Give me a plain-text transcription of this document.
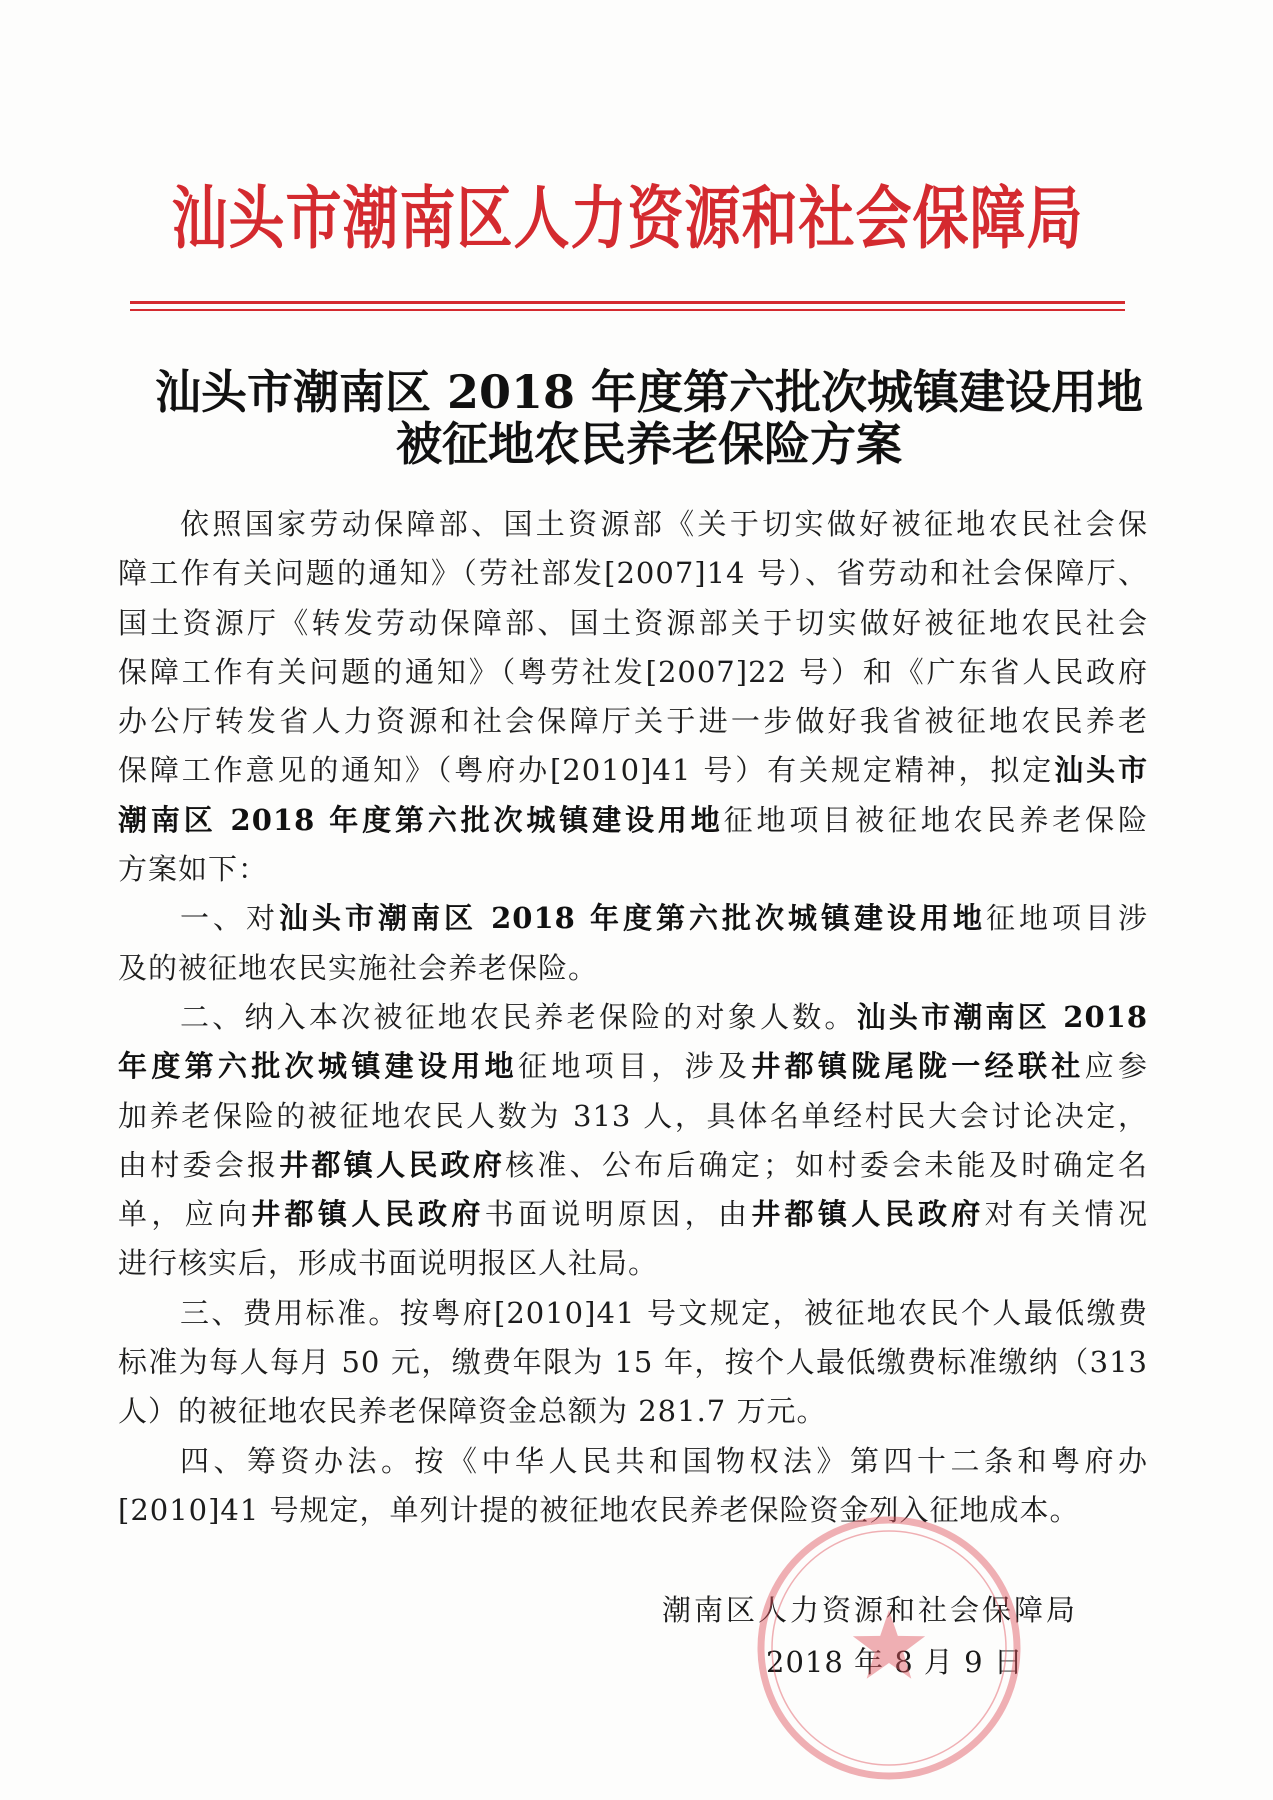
汕头市潮南区人力资源和社会保障局
汕头市潮南区 2018 年度第六批次城镇建设用地
被征地农民养老保险方案
依照国家劳动保障部、国土资源部《关于切实做好被征地农民社会保
障工作有关问题的通知》（劳社部发[2007]14 号）、省劳动和社会保障厅、
国土资源厅《转发劳动保障部、国土资源部关于切实做好被征地农民社会
保障工作有关问题的通知》（粤劳社发[2007]22 号）和《广东省人民政府
办公厅转发省人力资源和社会保障厅关于进一步做好我省被征地农民养老
保障工作意见的通知》（粤府办[2010]41 号）有关规定精神，拟定汕头市
潮南区 2018 年度第六批次城镇建设用地征地项目被征地农民养老保险
方案如下：
一、对汕头市潮南区 2018 年度第六批次城镇建设用地征地项目涉
及的被征地农民实施社会养老保险。
二、纳入本次被征地农民养老保险的对象人数。汕头市潮南区 2018
年度第六批次城镇建设用地征地项目，涉及井都镇陇尾陇一经联社应参
加养老保险的被征地农民人数为 313 人，具体名单经村民大会讨论决定，
由村委会报井都镇人民政府核准、公布后确定；如村委会未能及时确定名
单，应向井都镇人民政府书面说明原因，由井都镇人民政府对有关情况
进行核实后，形成书面说明报区人社局。
三、费用标准。按粤府[2010]41 号文规定，被征地农民个人最低缴费
标准为每人每月 50 元，缴费年限为 15 年，按个人最低缴费标准缴纳（313
人）的被征地农民养老保障资金总额为 281.7 万元。
四、筹资办法。按《中华人民共和国物权法》第四十二条和粤府办
[2010]41 号规定，单列计提的被征地农民养老保险资金列入征地成本。
潮南区人力资源和社会保障局
2018 年 8 月 9 日
